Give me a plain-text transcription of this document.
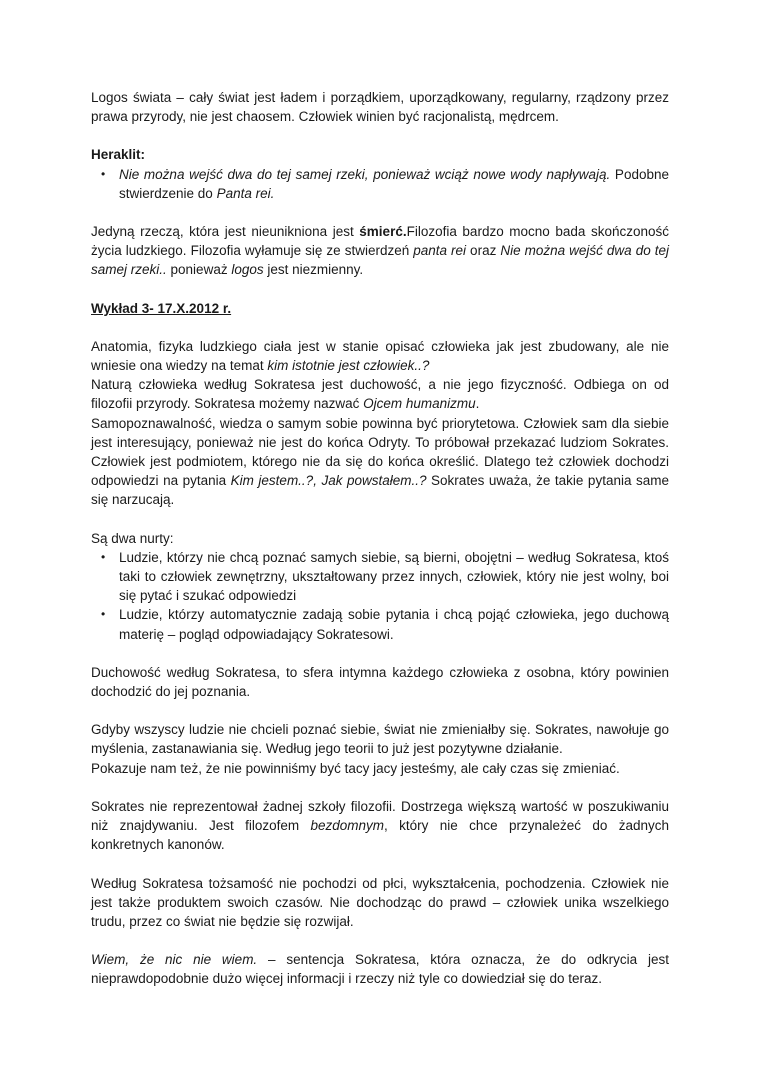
Logos świata – cały świat jest ładem i porządkiem, uporządkowany, regularny, rządzony przez prawa przyrody, nie jest chaosem. Człowiek winien być racjonalistą, mędrcem.

Heraklit:

• Nie można wejść dwa do tej samej rzeki, ponieważ wciąż nowe wody napływają. Podobne stwierdzenie do Panta rei.

Jedyną rzeczą, która jest nieunikniona jest śmierć.Filozofia bardzo mocno bada skończoność życia ludzkiego. Filozofia wyłamuje się ze stwierdzeń panta rei oraz Nie można wejść dwa do tej samej rzeki.. ponieważ logos jest niezmienny.

Wykład 3- 17.X.2012 r.

Anatomia, fizyka ludzkiego ciała jest w stanie opisać człowieka jak jest zbudowany, ale nie wniesie ona wiedzy na temat kim istotnie jest człowiek..?

Naturą człowieka według Sokratesa jest duchowość, a nie jego fizyczność. Odbiega on od filozofii przyrody. Sokratesa możemy nazwać Ojcem humanizmu.

Samopoznawalność, wiedza o samym sobie powinna być priorytetowa. Człowiek sam dla siebie jest interesujący, ponieważ nie jest do końca Odryty. To próbował przekazać ludziom Sokrates. Człowiek jest podmiotem, którego nie da się do końca określić. Dlatego też człowiek dochodzi odpowiedzi na pytania Kim jestem..?, Jak powstałem..? Sokrates uważa, że takie pytania same się narzucają.

Są dwa nurty:

• Ludzie, którzy nie chcą poznać samych siebie, są bierni, obojętni – według Sokratesa, ktoś taki to człowiek zewnętrzny, ukształtowany przez innych, człowiek, który nie jest wolny, boi się pytać i szukać odpowiedzi
• Ludzie, którzy automatycznie zadają sobie pytania i chcą pojąć człowieka, jego duchową materię – pogląd odpowiadający Sokratesowi.

Duchowość według Sokratesa, to sfera intymna każdego człowieka z osobna, który powinien dochodzić do jej poznania.

Gdyby wszyscy ludzie nie chcieli poznać siebie, świat nie zmieniałby się. Sokrates, nawołuje go myślenia, zastanawiania się. Według jego teorii to już jest pozytywne działanie.

Pokazuje nam też, że nie powinniśmy być tacy jacy jesteśmy, ale cały czas się zmieniać.

Sokrates nie reprezentował żadnej szkoły filozofii. Dostrzega większą wartość w poszukiwaniu niż znajdywaniu. Jest filozofem bezdomnym, który nie chce przynależeć do żadnych konkretnych kanonów.

Według Sokratesa tożsamość nie pochodzi od płci, wykształcenia, pochodzenia. Człowiek nie jest także produktem swoich czasów. Nie dochodząc do prawd – człowiek unika wszelkiego trudu, przez co świat nie będzie się rozwijał.

Wiem, że nic nie wiem. – sentencja Sokratesa, która oznacza, że do odkrycia jest nieprawdopodobnie dużo więcej informacji i rzeczy niż tyle co dowiedział się do teraz.
